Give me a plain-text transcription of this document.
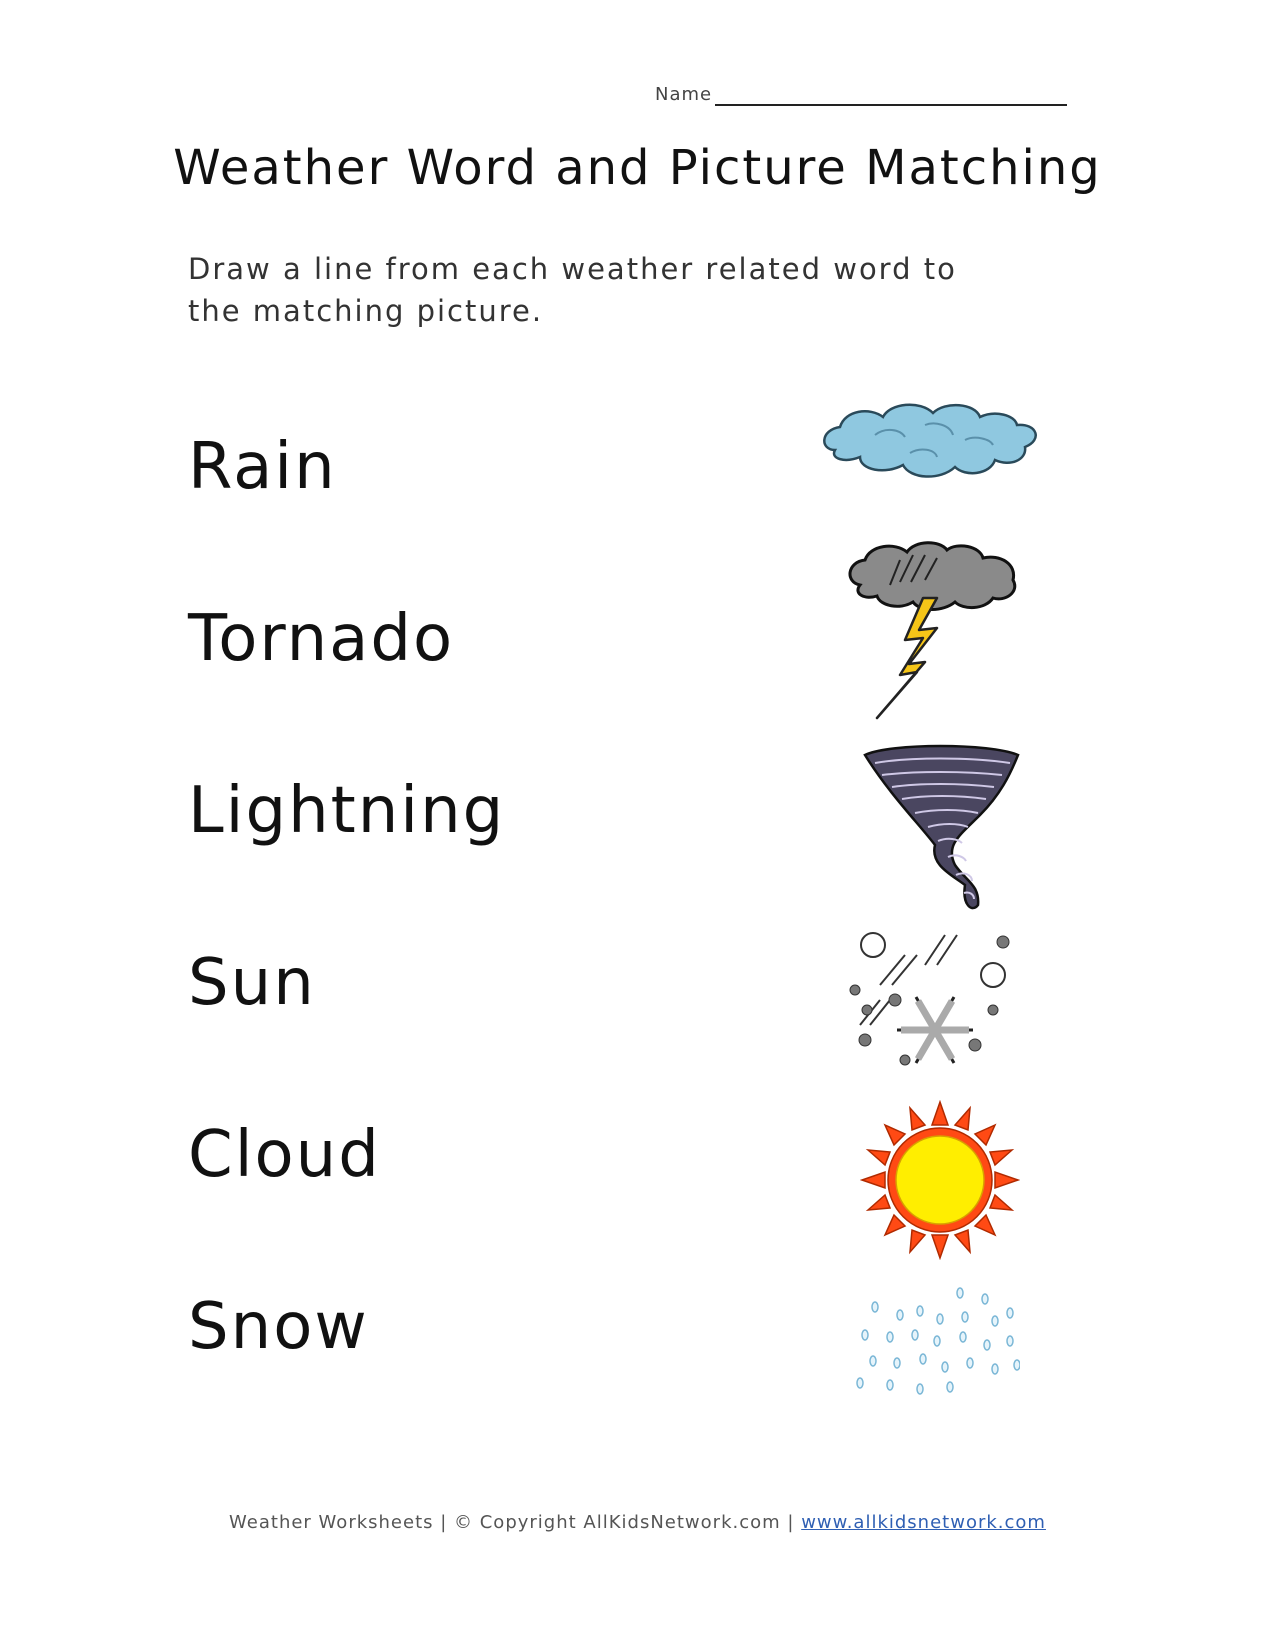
Name
Weather Word and Picture Matching
Draw a line from each weather related word to the matching picture.
Rain
Tornado
Lightning
Sun
Cloud
Snow
Weather Worksheets | © Copyright AllKidsNetwork.com | www.allkidsnetwork.com
